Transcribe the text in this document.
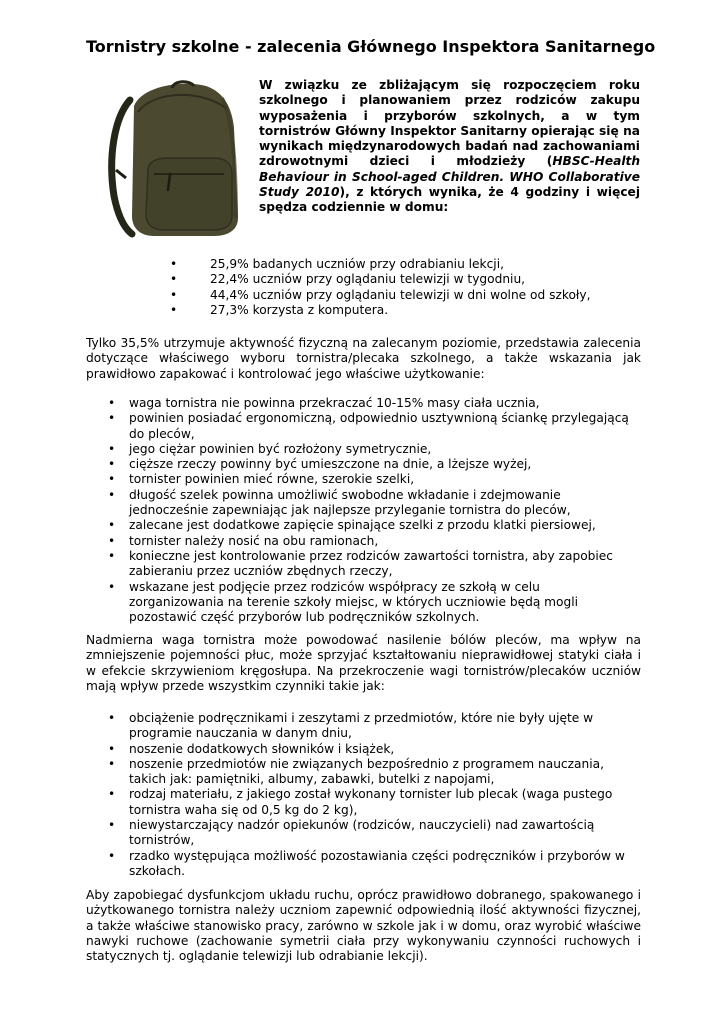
Tornistry szkolne - zalecenia Głównego Inspektora Sanitarnego

W związku ze zbliżającym się rozpoczęciem roku szkolnego i planowaniem przez rodziców zakupu wyposażenia i przyborów szkolnych, a w tym tornistrów Główny Inspektor Sanitarny opierając się na wynikach międzynarodowych badań nad zachowaniami zdrowotnymi dzieci i młodzieży (HBSC-Health Behaviour in School-aged Children. WHO Collaborative Study 2010), z których wynika, że 4 godziny i więcej spędza codziennie w domu:

•	25,9% badanych uczniów przy odrabianiu lekcji,
•	22,4% uczniów przy oglądaniu telewizji w tygodniu,
•	44,4% uczniów przy oglądaniu telewizji w dni wolne od szkoły,
•	27,3% korzysta z komputera.

Tylko 35,5% utrzymuje aktywność fizyczną na zalecanym poziomie, przedstawia zalecenia dotyczące właściwego wyboru tornistra/plecaka szkolnego, a także wskazania jak prawidłowo zapakować i kontrolować jego właściwe użytkowanie:

• waga tornistra nie powinna przekraczać 10-15% masy ciała ucznia,
• powinien posiadać ergonomiczną, odpowiednio usztywnioną ściankę przylegającą do pleców,
• jego ciężar powinien być rozłożony symetrycznie,
• cięższe rzeczy powinny być umieszczone na dnie, a lżejsze wyżej,
• tornister powinien mieć równe, szerokie szelki,
• długość szelek powinna umożliwić swobodne wkładanie i zdejmowanie jednocześnie zapewniając jak najlepsze przyleganie tornistra do pleców,
• zalecane jest dodatkowe zapięcie spinające szelki z przodu klatki piersiowej,
• tornister należy nosić na obu ramionach,
• konieczne jest kontrolowanie przez rodziców zawartości tornistra, aby zapobiec zabieraniu przez uczniów zbędnych rzeczy,
• wskazane jest podjęcie przez rodziców współpracy ze szkołą w celu zorganizowania na terenie szkoły miejsc, w których uczniowie będą mogli pozostawić część przyborów lub podręczników szkolnych.

Nadmierna waga tornistra może powodować nasilenie bólów pleców, ma wpływ na zmniejszenie pojemności płuc, może sprzyjać kształtowaniu nieprawidłowej statyki ciała i w efekcie skrzywieniom kręgosłupa. Na przekroczenie wagi tornistrów/plecaków uczniów mają wpływ przede wszystkim czynniki takie jak:

• obciążenie podręcznikami i zeszytami z przedmiotów, które nie były ujęte w programie nauczania w danym dniu,
• noszenie dodatkowych słowników i książek,
• noszenie przedmiotów nie związanych bezpośrednio z programem nauczania, takich jak: pamiętniki, albumy, zabawki, butelki z napojami,
• rodzaj materiału, z jakiego został wykonany tornister lub plecak (waga pustego tornistra waha się od 0,5 kg do 2 kg),
• niewystarczający nadzór opiekunów (rodziców, nauczycieli) nad zawartością tornistrów,
• rzadko występująca możliwość pozostawiania części podręczników i przyborów w szkołach.

Aby zapobiegać dysfunkcjom układu ruchu, oprócz prawidłowo dobranego, spakowanego i użytkowanego tornistra należy uczniom zapewnić odpowiednią ilość aktywności fizycznej, a także właściwe stanowisko pracy, zarówno w szkole jak i w domu, oraz wyrobić właściwe nawyki ruchowe (zachowanie symetrii ciała przy wykonywaniu czynności ruchowych i statycznych tj. oglądanie telewizji lub odrabianie lekcji).
